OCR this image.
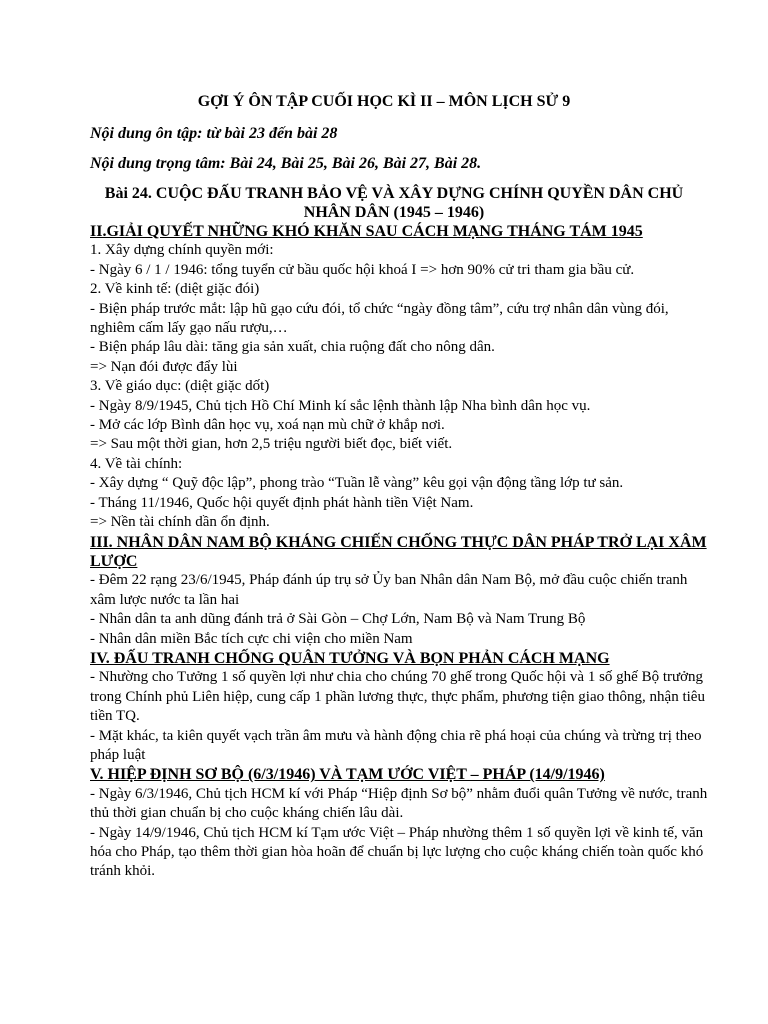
GỢI Ý ÔN TẬP CUỐI HỌC KÌ II – MÔN LỊCH SỬ 9
Nội dung ôn tập: từ bài 23 đến bài 28
Nội dung trọng tâm: Bài 24, Bài 25, Bài 26, Bài 27, Bài 28.
Bài 24. CUỘC ĐẤU TRANH BẢO VỆ VÀ XÂY DỰNG CHÍNH QUYỀN DÂN CHỦ NHÂN DÂN (1945 – 1946)
II.GIẢI QUYẾT NHỮNG KHÓ KHĂN SAU CÁCH MẠNG THÁNG TÁM 1945

1. Xây dựng chính quyền mới:

- Ngày 6 / 1 / 1946: tổng tuyển cử bầu quốc hội khoá I => hơn 90% cử tri tham gia bầu cử.

2. Về kinh tế: (diệt giặc đói)

- Biện pháp trước mắt: lập hũ gạo cứu đói, tổ chức “ngày đồng tâm”, cứu trợ nhân dân vùng đói, nghiêm cấm lấy gạo nấu rượu,…

- Biện pháp lâu dài: tăng gia sản xuất, chia ruộng đất cho nông dân.

=> Nạn đói được đẩy lùi

3. Về giáo dục: (diệt giặc dốt)

- Ngày 8/9/1945, Chủ tịch Hồ Chí Minh kí sắc lệnh thành lập Nha bình dân học vụ.

- Mở các lớp Bình dân học vụ, xoá nạn mù chữ ở khắp nơi.

=> Sau một thời gian, hơn 2,5 triệu người biết đọc, biết viết.

4. Về tài chính:

- Xây dựng “ Quỹ độc lập”, phong trào “Tuần lễ vàng” kêu gọi vận động tầng lớp tư sản.

- Tháng 11/1946, Quốc hội quyết định phát hành tiền Việt Nam.

=> Nền tài chính dần ổn định.

III. NHÂN DÂN NAM BỘ KHÁNG CHIẾN CHỐNG THỰC DÂN PHÁP TRỞ LẠI XÂM LƯỢC

- Đêm 22 rạng 23/6/1945, Pháp đánh úp trụ sở Ủy ban Nhân dân Nam Bộ, mở đầu cuộc chiến tranh xâm lược nước ta lần hai

- Nhân dân ta anh dũng đánh trả ở Sài Gòn – Chợ Lớn, Nam Bộ và Nam Trung Bộ

- Nhân dân miền Bắc tích cực chi viện cho miền Nam

IV. ĐẤU TRANH CHỐNG QUÂN TƯỞNG VÀ BỌN PHẢN CÁCH MẠNG

- Nhường cho Tưởng 1 số quyền lợi như chia cho chúng 70 ghế trong Quốc hội và 1 số ghế Bộ trưởng trong Chính phủ Liên hiệp, cung cấp 1 phần lương thực, thực phẩm, phương tiện giao thông, nhận tiêu tiền TQ.

- Mặt khác, ta kiên quyết vạch trần âm mưu và hành động chia rẽ phá hoại của chúng và trừng trị theo pháp luật

V. HIỆP ĐỊNH SƠ BỘ (6/3/1946) VÀ TẠM ƯỚC VIỆT – PHÁP (14/9/1946)

- Ngày 6/3/1946, Chủ tịch HCM kí với Pháp “Hiệp định Sơ bộ” nhằm đuổi quân Tưởng về nước, tranh thủ thời gian chuẩn bị cho cuộc kháng chiến lâu dài.

- Ngày 14/9/1946, Chủ tịch HCM kí Tạm ước Việt – Pháp nhường thêm 1 số quyền lợi về kinh tế, văn hóa cho Pháp, tạo thêm thời gian hòa hoãn để chuẩn bị lực lượng cho cuộc kháng chiến toàn quốc khó tránh khỏi.
